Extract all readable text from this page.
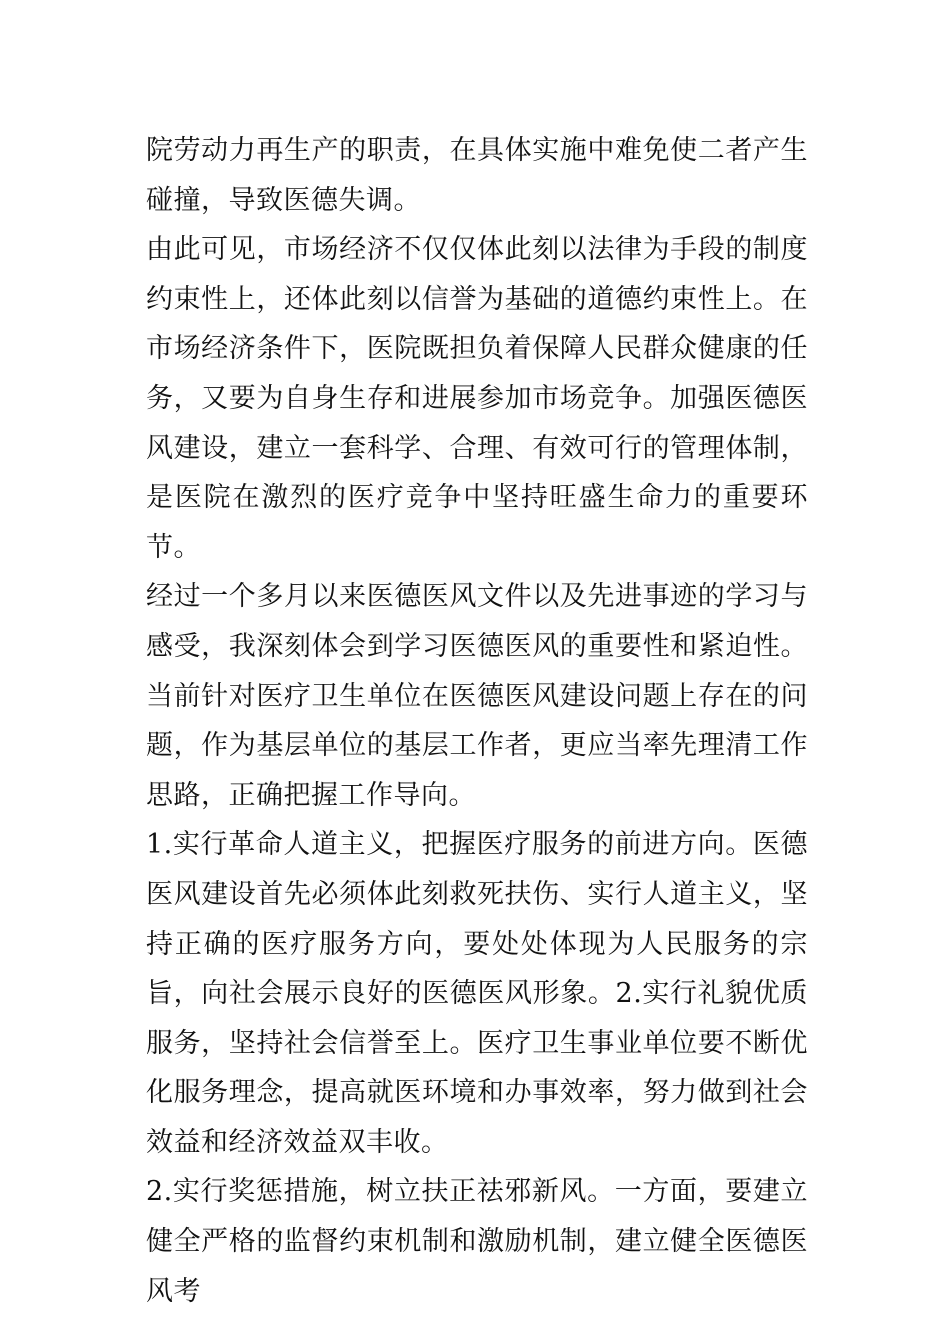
院劳动力再生产的职责，在具体实施中难免使二者产生碰撞，导致医德失调。

由此可见，市场经济不仅仅体此刻以法律为手段的制度约束性上，还体此刻以信誉为基础的道德约束性上。在市场经济条件下，医院既担负着保障人民群众健康的任务，又要为自身生存和进展参加市场竞争。加强医德医风建设，建立一套科学、合理、有效可行的管理体制，是医院在激烈的医疗竞争中坚持旺盛生命力的重要环节。

经过一个多月以来医德医风文件以及先进事迹的学习与感受，我深刻体会到学习医德医风的重要性和紧迫性。当前针对医疗卫生单位在医德医风建设问题上存在的问题，作为基层单位的基层工作者，更应当率先理清工作思路，正确把握工作导向。

1.实行革命人道主义，把握医疗服务的前进方向。医德医风建设首先必须体此刻救死扶伤、实行人道主义，坚持正确的医疗服务方向，要处处体现为人民服务的宗旨，向社会展示良好的医德医风形象。2.实行礼貌优质服务，坚持社会信誉至上。医疗卫生事业单位要不断优化服务理念，提高就医环境和办事效率，努力做到社会效益和经济效益双丰收。

2.实行奖惩措施，树立扶正祛邪新风。一方面，要建立健全严格的监督约束机制和激励机制，建立健全医德医风考
